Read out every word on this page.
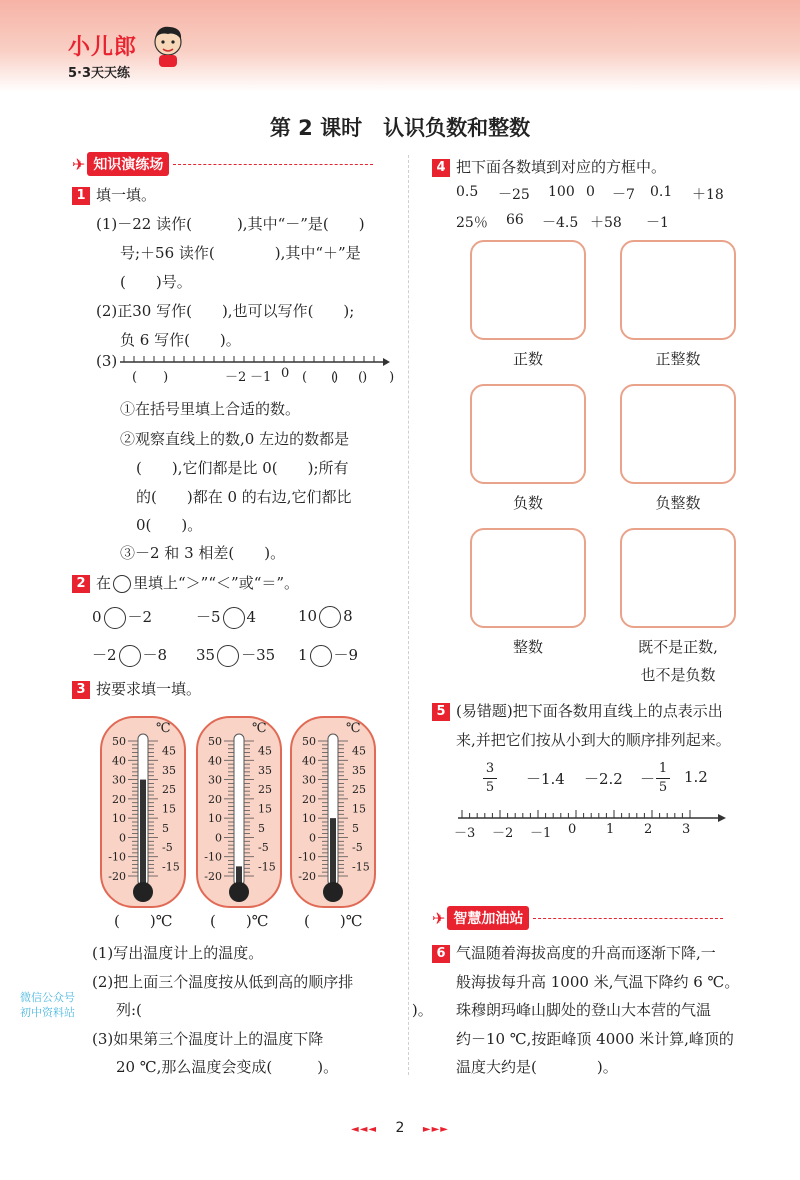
小儿郎
5·3天天练
第 2 课时　认识负数和整数
✈ 知识演练场
1 填一填。
(1)－22 读作(　　　),其中“－”是(　　)
号;＋56 读作(　　　　),其中“＋”是
(　　)号。
(2)正30 写作(　　),也可以写作(　　);
负 6 写作(　　)。
(3)
(　　)	－2 －1 0 (　　)
(　　)
(　　)
①在括号里填上合适的数。
②观察直线上的数,0 左边的数都是
(　　),它们都是比 0(　　);所有
的(　　)都在 0 的右边,它们都比
0(　　)。
③－2 和 3 相差(　　)。
2 在 里填上“＞”“＜”或“＝”。
0 －2	－5 4	10 8
－2 －8 35 －35 1 －9
3 按要求填一填。
℃
50
40
30
20
10
0
-10
-20
45
35
25
15
5
-5
-15
(　　)℃
℃
50
40
30
20
10
0
-10
-20
45
35
25
15
5
-5
-15
(　　)℃
℃
50
40
30
20
10
0
-10
-20
45
35
25
15
5
-5
-15
(　　)℃
(1)写出温度计上的温度。
(2)把上面三个温度按从低到高的顺序排
列:(　　　　　　　　　　　　　　　　　　)。
(3)如果第三个温度计上的温度下降
20 ℃,那么温度会变成(　　　)。
微信公众号
初中资料站
4 把下面各数填到对应的方框中。
0.5 －25 100 0 －7 0.1 ＋18
25％ 66 －4.5 ＋58 －1
正数	正整数
负数	负整数
整数	既不是正数,
也不是负数
5 (易错题)把下面各数用直线上的点表示出
来,并把它们按从小到大的顺序排列起来。
3
5	－1.4 －2.2 －
1
5
1.2
－3 －2 －1 0 1 2 3
✈ 智慧加油站
6 气温随着海拔高度的升高而逐渐下降,一
般海拔每升高 1000 米,气温下降约 6 ℃。
珠穆朗玛峰山脚处的登山大本营的气温
约－10 ℃,按距峰顶 4000 米计算,峰顶的
温度大约是(　　　　)。
◄◄◄ 2 ►►►
